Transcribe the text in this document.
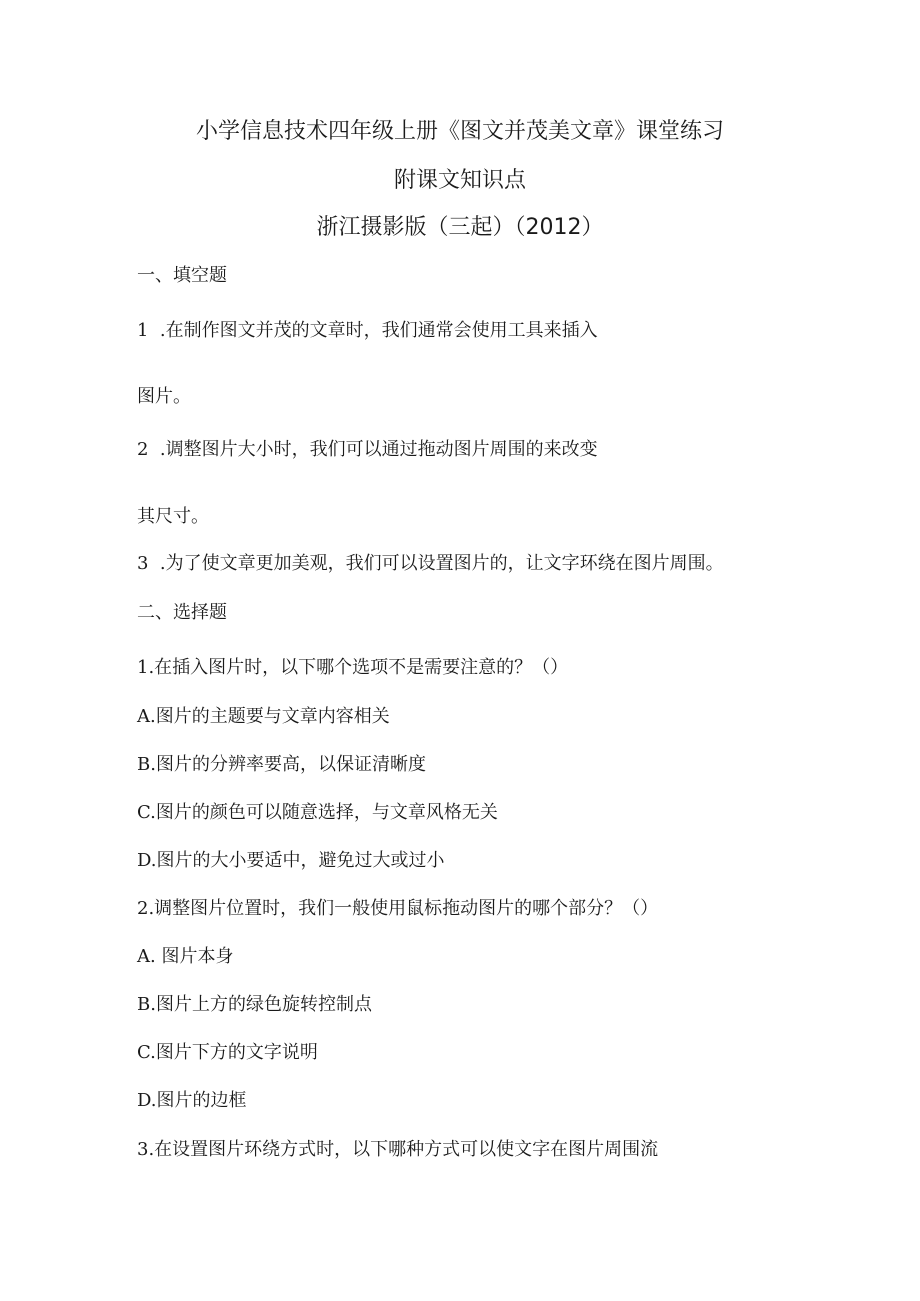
小学信息技术四年级上册《图文并茂美文章》课堂练习
附课文知识点
浙江摄影版（三起）（2012）
一、填空题
1  .在制作图文并茂的文章时，我们通常会使用工具来插入
图片。
2  .调整图片大小时，我们可以通过拖动图片周围的来改变
其尺寸。
3  .为了使文章更加美观，我们可以设置图片的，让文字环绕在图片周围。
二、选择题
1.在插入图片时，以下哪个选项不是需要注意的？（）
A.图片的主题要与文章内容相关
B.图片的分辨率要高，以保证清晰度
C.图片的颜色可以随意选择，与文章风格无关
D.图片的大小要适中，避免过大或过小
2.调整图片位置时，我们一般使用鼠标拖动图片的哪个部分？（）
A. 图片本身
B.图片上方的绿色旋转控制点
C.图片下方的文字说明
D.图片的边框
3.在设置图片环绕方式时，以下哪种方式可以使文字在图片周围流
